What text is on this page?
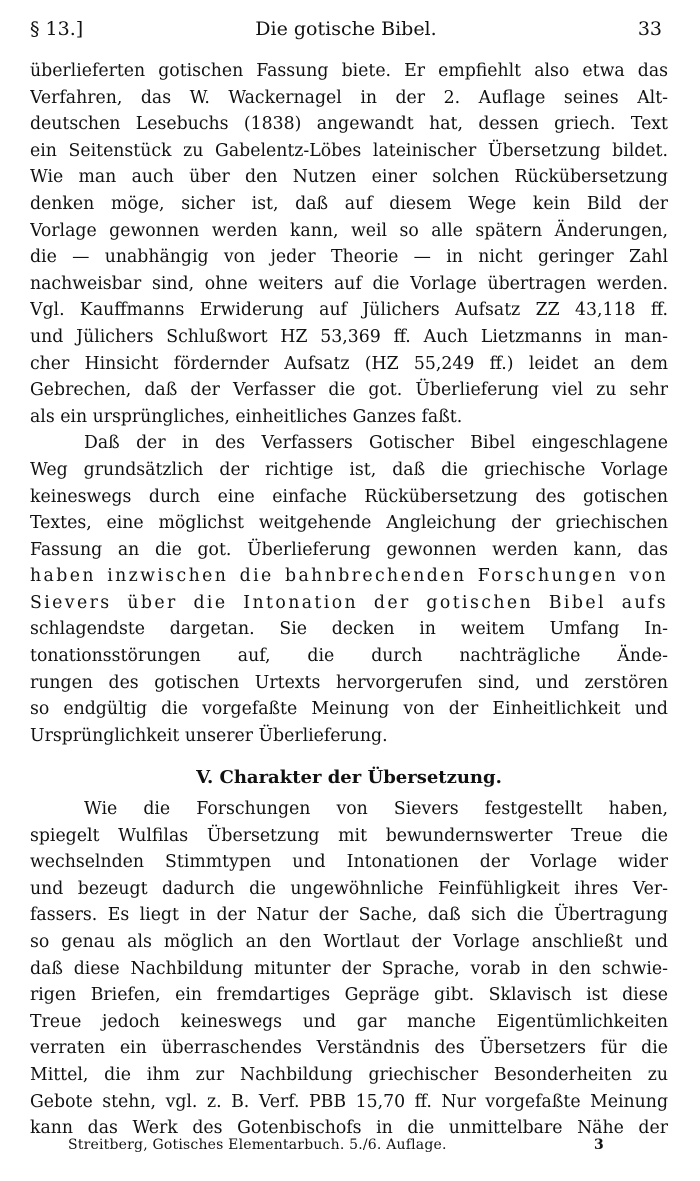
§ 13.]	Die gotische Bibel.	33
überlieferten gotischen Fassung biete. Er empfiehlt also etwa das
Verfahren, das W. Wackernagel in der 2. Auflage seines Alt-
deutschen Lesebuchs (1838) angewandt hat, dessen griech. Text
ein Seitenstück zu Gabelentz-Löbes lateinischer Übersetzung bildet.
Wie man auch über den Nutzen einer solchen Rückübersetzung
denken möge, sicher ist, daß auf diesem Wege kein Bild der
Vorlage gewonnen werden kann, weil so alle spätern Änderungen,
die — unabhängig von jeder Theorie — in nicht geringer Zahl
nachweisbar sind, ohne weiters auf die Vorlage übertragen werden.
Vgl. Kauffmanns Erwiderung auf Jülichers Aufsatz ZZ 43,118 ff.
und Jülichers Schlußwort HZ 53,369 ff. Auch Lietzmanns in man-
cher Hinsicht fördernder Aufsatz (HZ 55,249 ff.) leidet an dem
Gebrechen, daß der Verfasser die got. Überlieferung viel zu sehr
als ein ursprüngliches, einheitliches Ganzes faßt.
Daß der in des Verfassers Gotischer Bibel eingeschlagene
Weg grundsätzlich der richtige ist, daß die griechische Vorlage
keineswegs durch eine einfache Rückübersetzung des gotischen
Textes, eine möglichst weitgehende Angleichung der griechischen
Fassung an die got. Überlieferung gewonnen werden kann, das
haben inzwischen die bahnbrechenden Forschungen von
Sievers über die Intonation der gotischen Bibel aufs
schlagendste dargetan. Sie decken in weitem Umfang In-
tonationsstörungen auf, die durch nachträgliche Ände-
rungen des gotischen Urtexts hervorgerufen sind, und zerstören
so endgültig die vorgefaßte Meinung von der Einheitlichkeit und
Ursprünglichkeit unserer Überlieferung.
V. Charakter der Übersetzung.
Wie die Forschungen von Sievers festgestellt haben,
spiegelt Wulfilas Übersetzung mit bewundernswerter Treue die
wechselnden Stimmtypen und Intonationen der Vorlage wider
und bezeugt dadurch die ungewöhnliche Feinfühligkeit ihres Ver-
fassers. Es liegt in der Natur der Sache, daß sich die Übertragung
so genau als möglich an den Wortlaut der Vorlage anschließt und
daß diese Nachbildung mitunter der Sprache, vorab in den schwie-
rigen Briefen, ein fremdartiges Gepräge gibt. Sklavisch ist diese
Treue jedoch keineswegs und gar manche Eigentümlichkeiten
verraten ein überraschendes Verständnis des Übersetzers für die
Mittel, die ihm zur Nachbildung griechischer Besonderheiten zu
Gebote stehn, vgl. z. B. Verf. PBB 15,70 ff. Nur vorgefaßte Meinung
kann das Werk des Gotenbischofs in die unmittelbare Nähe der
Streitberg, Gotisches Elementarbuch. 5./6. Auflage.	3
